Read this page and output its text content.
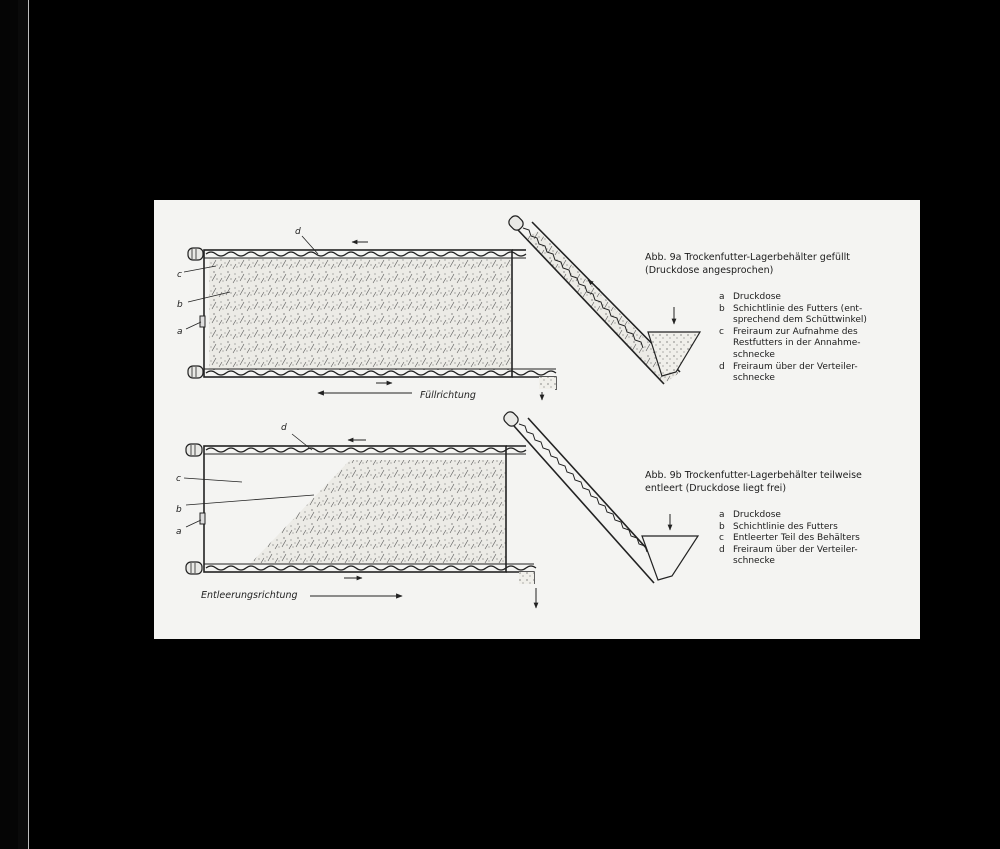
a
b
c
d
Füllrichtung
a
b
c
d
Entleerungsrichtung
Abb. 9a Trockenfutter-Lagerbehälter gefüllt
(Druckdose angesprochen)
a Druckdose
b Schichtlinie des Futters (ent-
sprechend dem Schüttwinkel)
c	Freiraum zur Aufnahme des
Restfutters in der Annahme-
schnecke
d Freiraum über der Verteiler-
schnecke
Abb. 9b Trockenfutter-Lagerbehälter teilweise
entleert (Druckdose liegt frei)
a Druckdose
b Schichtlinie des Futters
c	Entleerter Teil des Behälters
d Freiraum über der Verteiler-
schnecke
